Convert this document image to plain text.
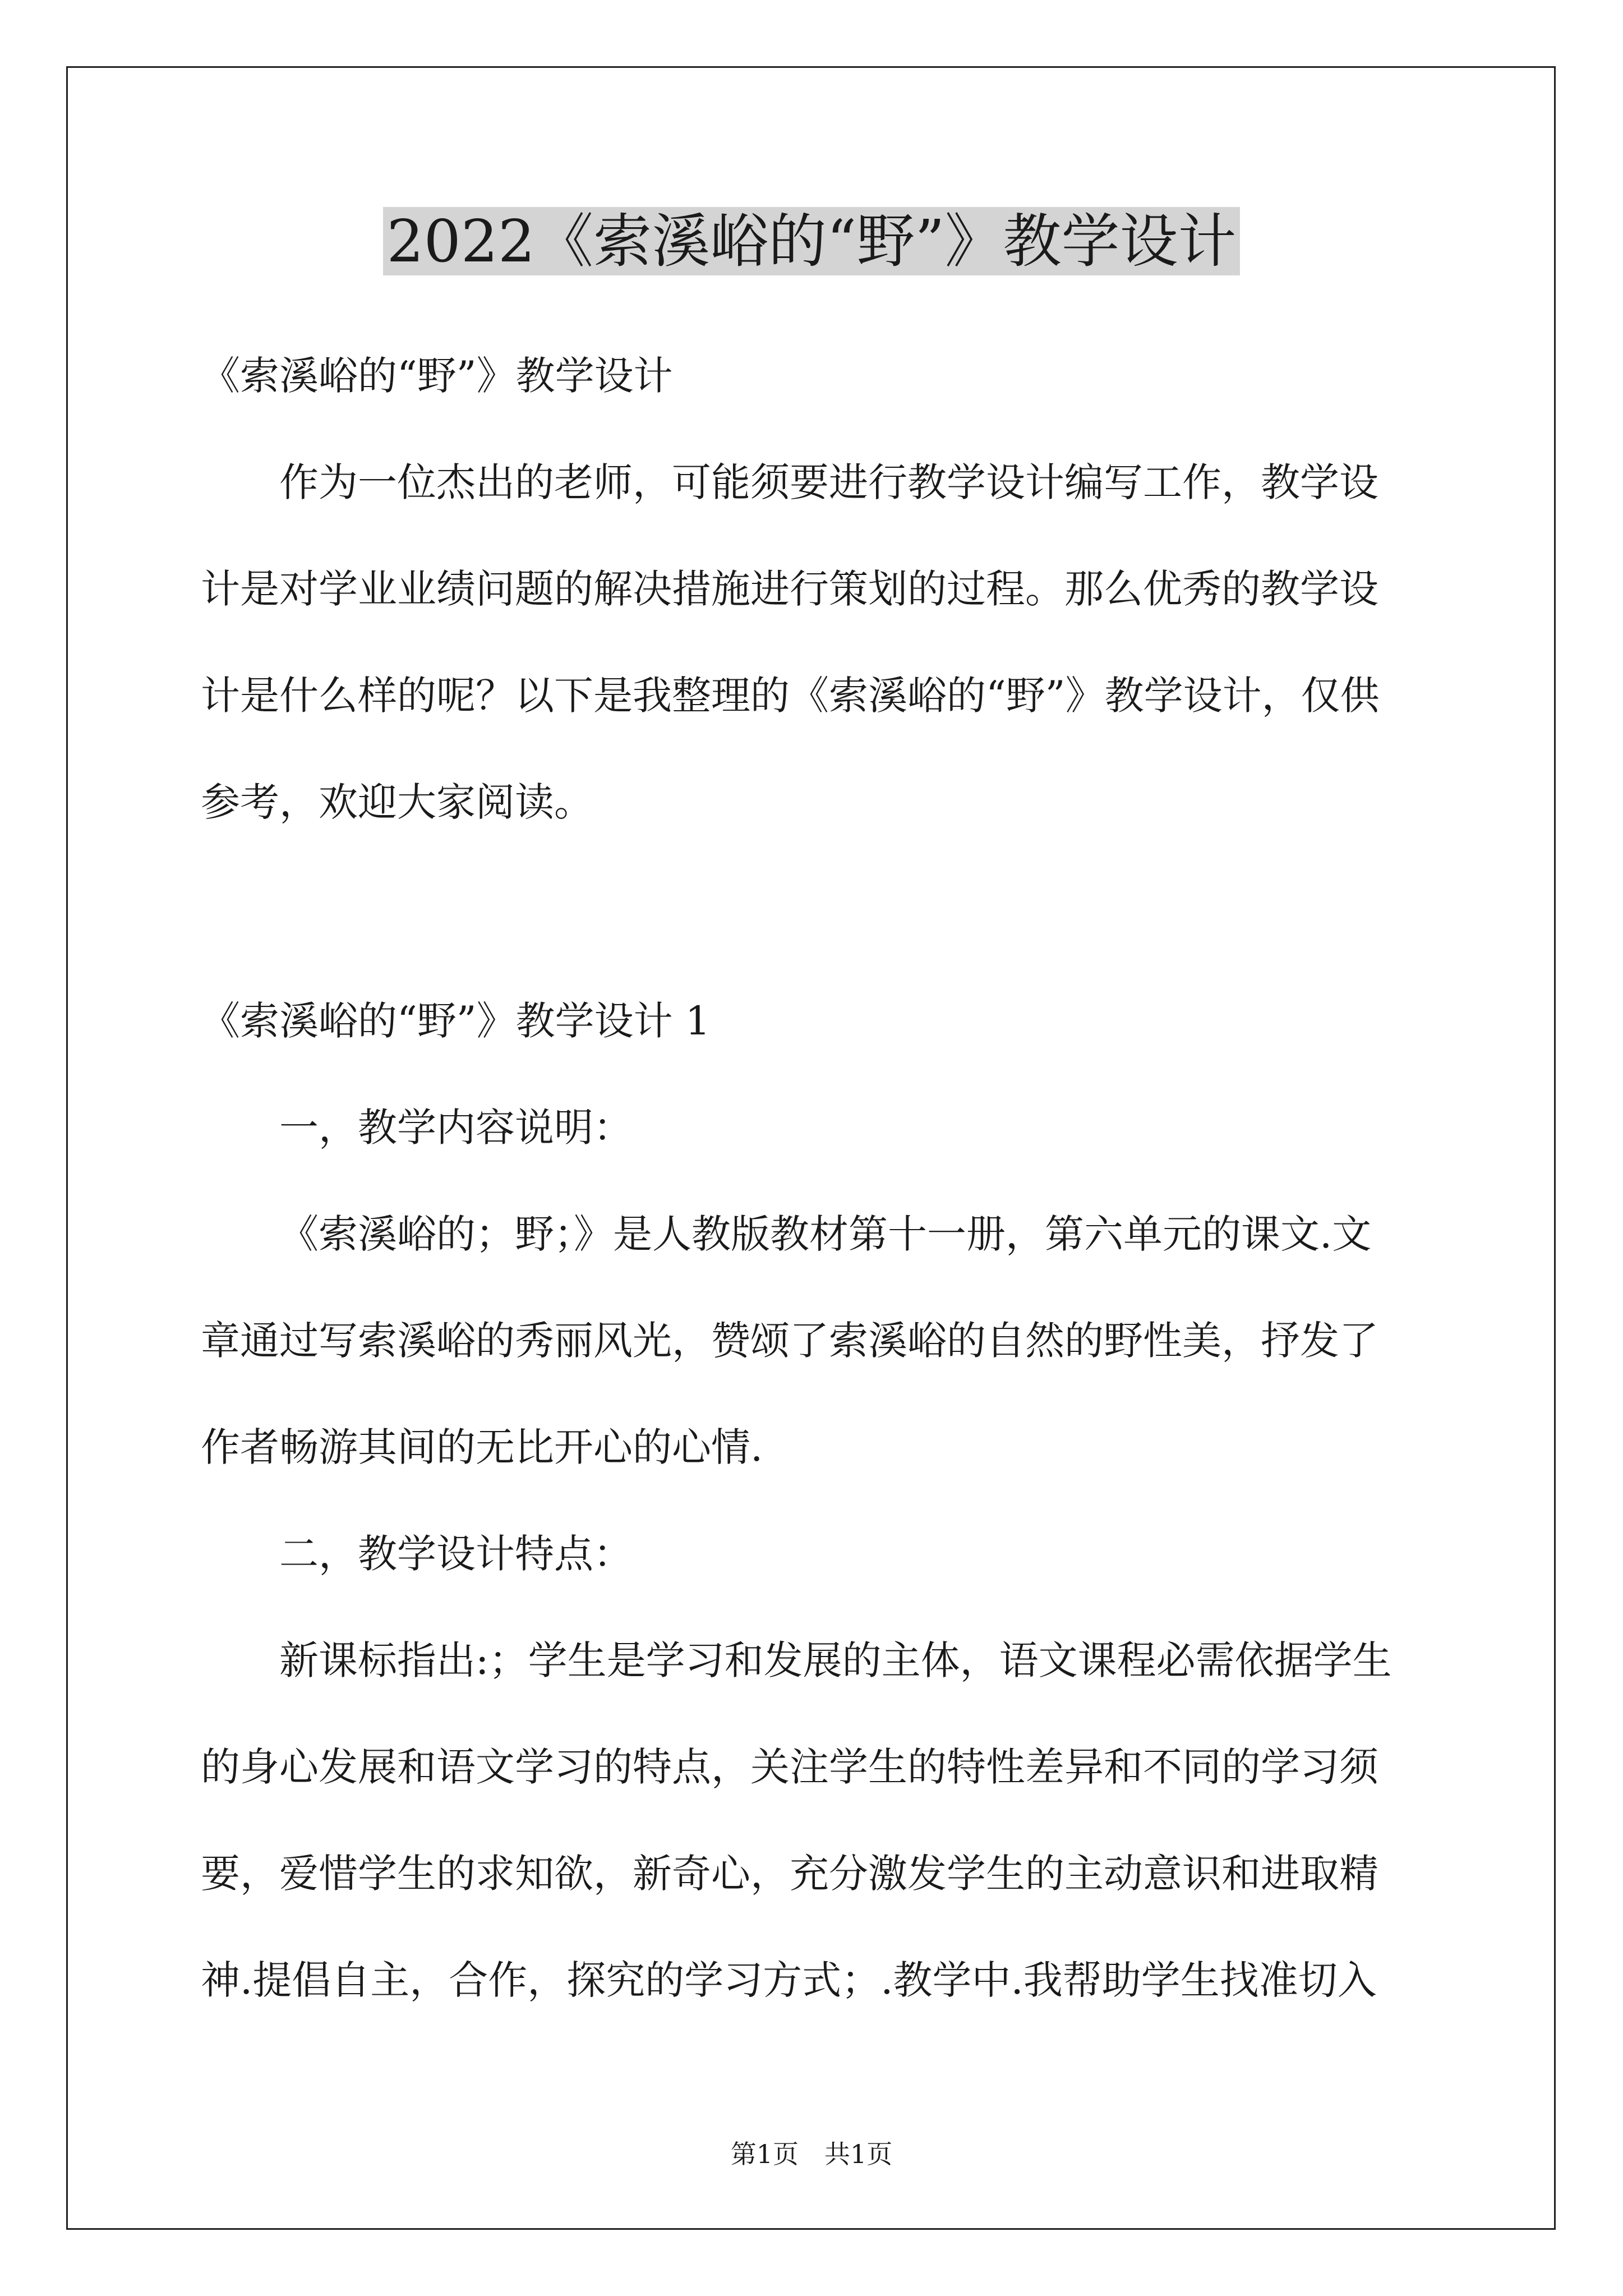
2022《索溪峪的“野”》教学设计

《索溪峪的“野”》教学设计

作为一位杰出的老师，可能须要进行教学设计编写工作，教学设

计是对学业业绩问题的解决措施进行策划的过程。那么优秀的教学设

计是什么样的呢？以下是我整理的《索溪峪的“野”》教学设计，仅供

参考，欢迎大家阅读。

《索溪峪的“野”》教学设计 1

一，教学内容说明：

《索溪峪的；野；》是人教版教材第十一册，第六单元的课文.文

章通过写索溪峪的秀丽风光，赞颂了索溪峪的自然的野性美，抒发了

作者畅游其间的无比开心的心情.

二，教学设计特点：

新课标指出:；学生是学习和发展的主体，语文课程必需依据学生

的身心发展和语文学习的特点，关注学生的特性差异和不同的学习须

要，爱惜学生的求知欲，新奇心，充分激发学生的主动意识和进取精

神.提倡自主，合作，探究的学习方式；.教学中.我帮助学生找准切入

第1页　共1页
